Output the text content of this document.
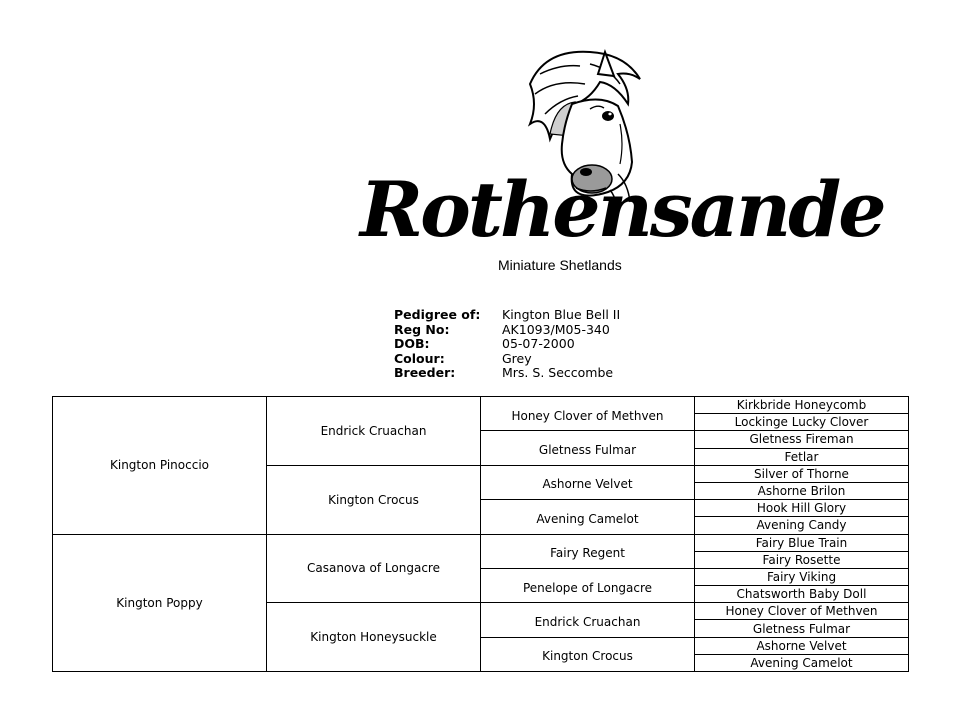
Rothensande
Miniature Shetlands
Pedigree of:	Kington Blue Bell II
Reg No:	AK1093/M05-340
DOB:	05-07-2000
Colour:	Grey
Breeder:	Mrs. S. Seccombe
Kington Pinoccio	Endrick Cruachan	Honey Clover of Methven	Kirkbride Honeycomb
			Lockinge Lucky Clover
		Gletness Fulmar	Gletness Fireman
			Fetlar
	Kington Crocus	Ashorne Velvet	Silver of Thorne
			Ashorne Brilon
		Avening Camelot	Hook Hill Glory
			Avening Candy
Kington Poppy	Casanova of Longacre	Fairy Regent	Fairy Blue Train
			Fairy Rosette
		Penelope of Longacre	Fairy Viking
			Chatsworth Baby Doll
	Kington Honeysuckle	Endrick Cruachan	Honey Clover of Methven
			Gletness Fulmar
		Kington Crocus	Ashorne Velvet
			Avening Camelot
